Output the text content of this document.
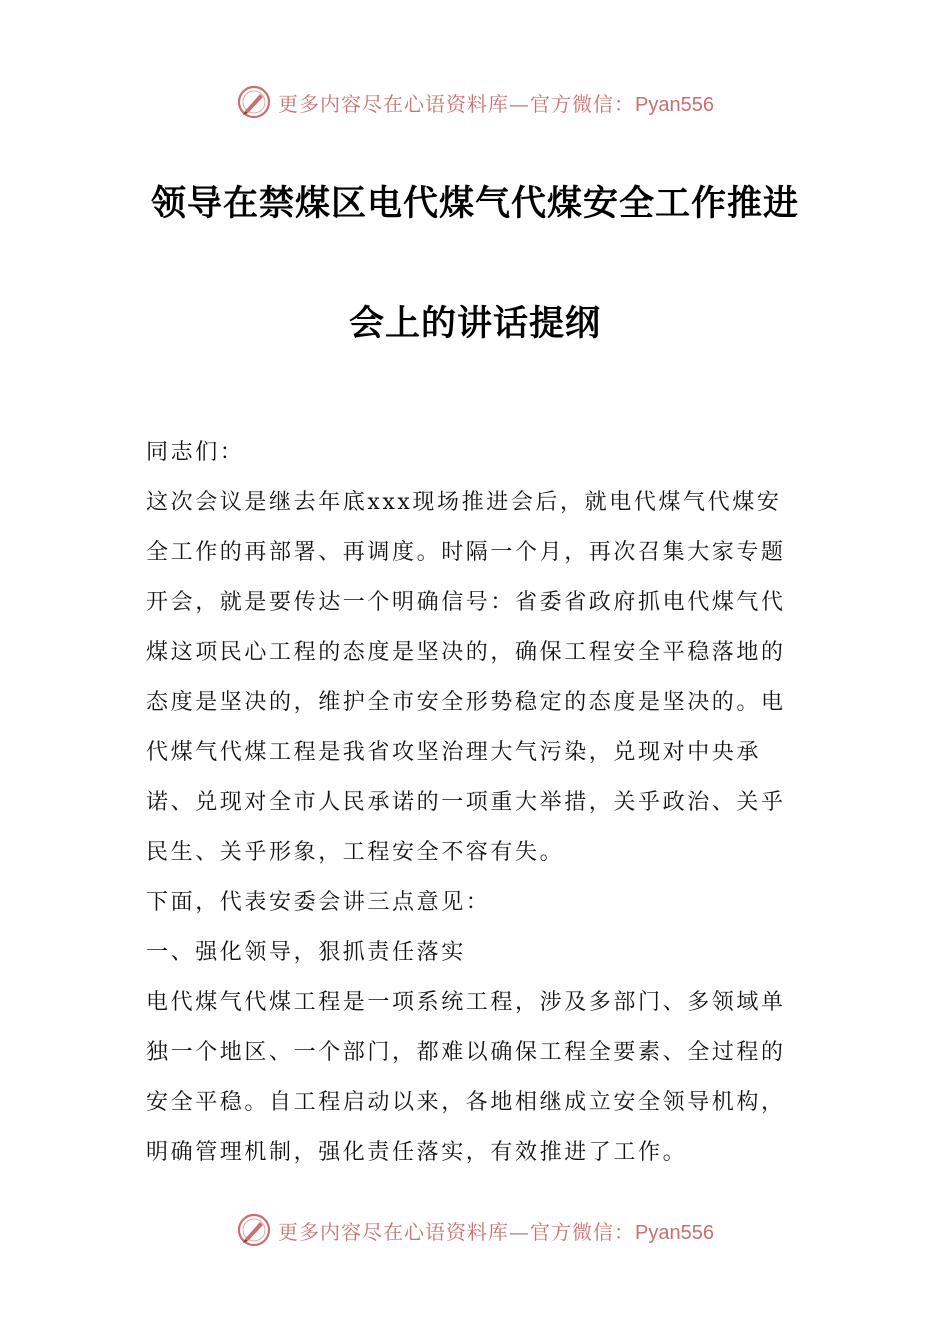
更多内容尽在心语资料库—官方微信：Pyan556
领导在禁煤区电代煤气代煤安全工作推进
会上的讲话提纲

同志们：

这次会议是继去年底xxx现场推进会后，就电代煤气代煤安全工作的再部署、再调度。时隔一个月，再次召集大家专题开会，就是要传达一个明确信号：省委省政府抓电代煤气代煤这项民心工程的态度是坚决的，确保工程安全平稳落地的态度是坚决的，维护全市安全形势稳定的态度是坚决的。电代煤气代煤工程是我省攻坚治理大气污染，兑现对中央承诺、兑现对全市人民承诺的一项重大举措，关乎政治、关乎民生、关乎形象，工程安全不容有失。

下面，代表安委会讲三点意见：

一、强化领导，狠抓责任落实

电代煤气代煤工程是一项系统工程，涉及多部门、多领域单独一个地区、一个部门，都难以确保工程全要素、全过程的安全平稳。自工程启动以来，各地相继成立安全领导机构，明确管理机制，强化责任落实，有效推进了工作。

更多内容尽在心语资料库—官方微信：Pyan556
